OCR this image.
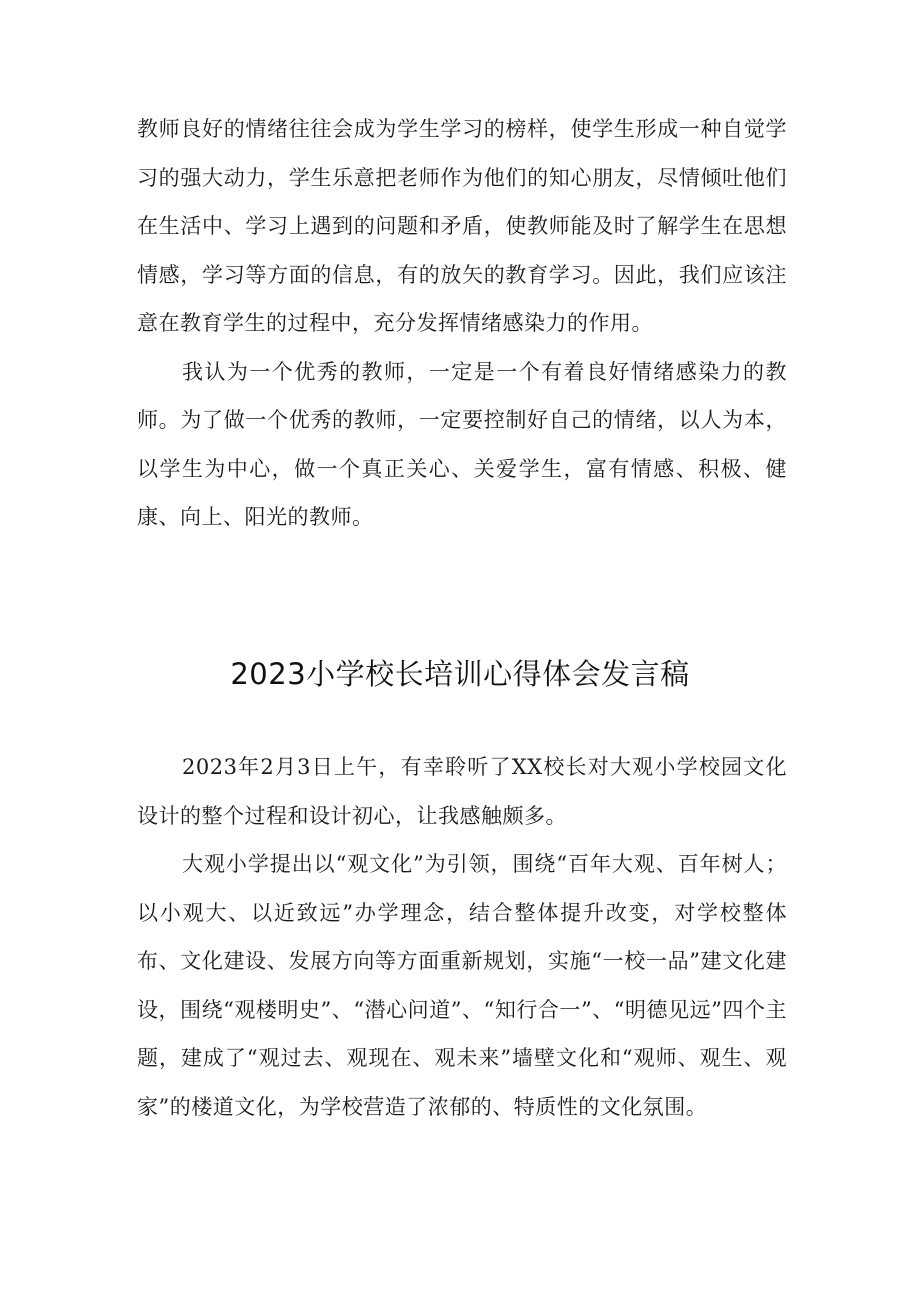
教师良好的情绪往往会成为学生学习的榜样，使学生形成一种自觉学习的强大动力，学生乐意把老师作为他们的知心朋友，尽情倾吐他们在生活中、学习上遇到的问题和矛盾，使教师能及时了解学生在思想情感，学习等方面的信息，有的放矢的教育学习。因此，我们应该注意在教育学生的过程中，充分发挥情绪感染力的作用。

我认为一个优秀的教师，一定是一个有着良好情绪感染力的教师。为了做一个优秀的教师，一定要控制好自己的情绪，以人为本，以学生为中心，做一个真正关心、关爱学生，富有情感、积极、健康、向上、阳光的教师。

2023小学校长培训心得体会发言稿

2023年2月3日上午，有幸聆听了XX校长对大观小学校园文化设计的整个过程和设计初心，让我感触颇多。

大观小学提出以“观文化”为引领，围绕“百年大观、百年树人；以小观大、以近致远”办学理念，结合整体提升改变，对学校整体布、文化建设、发展方向等方面重新规划，实施“一校一品”建文化建设，围绕“观楼明史”、“潜心问道”、“知行合一”、“明德见远”四个主题，建成了“观过去、观现在、观未来”墙壁文化和“观师、观生、观家”的楼道文化，为学校营造了浓郁的、特质性的文化氛围。
